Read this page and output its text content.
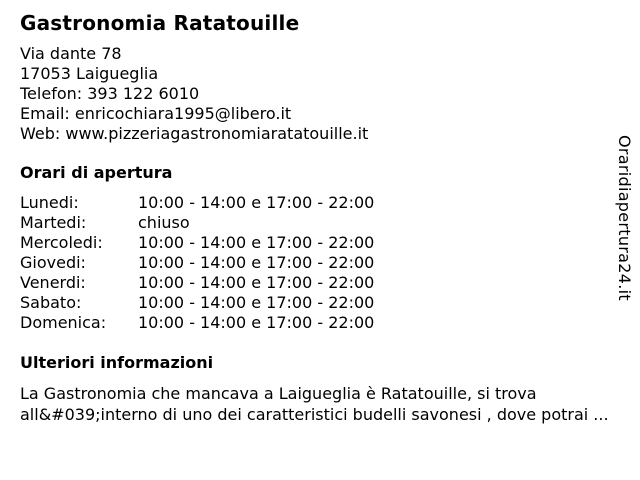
Gastronomia Ratatouille
Via dante 78
17053 Laigueglia
Telefon: 393 122 6010
Email: enricochiara1995@libero.it
Web: www.pizzeriagastronomiaratatouille.it
Orari di apertura
Lunedi:	10:00 - 14:00 e 17:00 - 22:00
Martedi:	chiuso
Mercoledi:	10:00 - 14:00 e 17:00 - 22:00
Giovedi:	10:00 - 14:00 e 17:00 - 22:00
Venerdi:	10:00 - 14:00 e 17:00 - 22:00
Sabato:	10:00 - 14:00 e 17:00 - 22:00
Domenica:	10:00 - 14:00 e 17:00 - 22:00
Ulteriori informazioni
La Gastronomia che mancava a Laigueglia è Ratatouille, si trova all&#039;interno di uno dei caratteristici budelli savonesi , dove potrai ...
Oraridiapertura24.it
